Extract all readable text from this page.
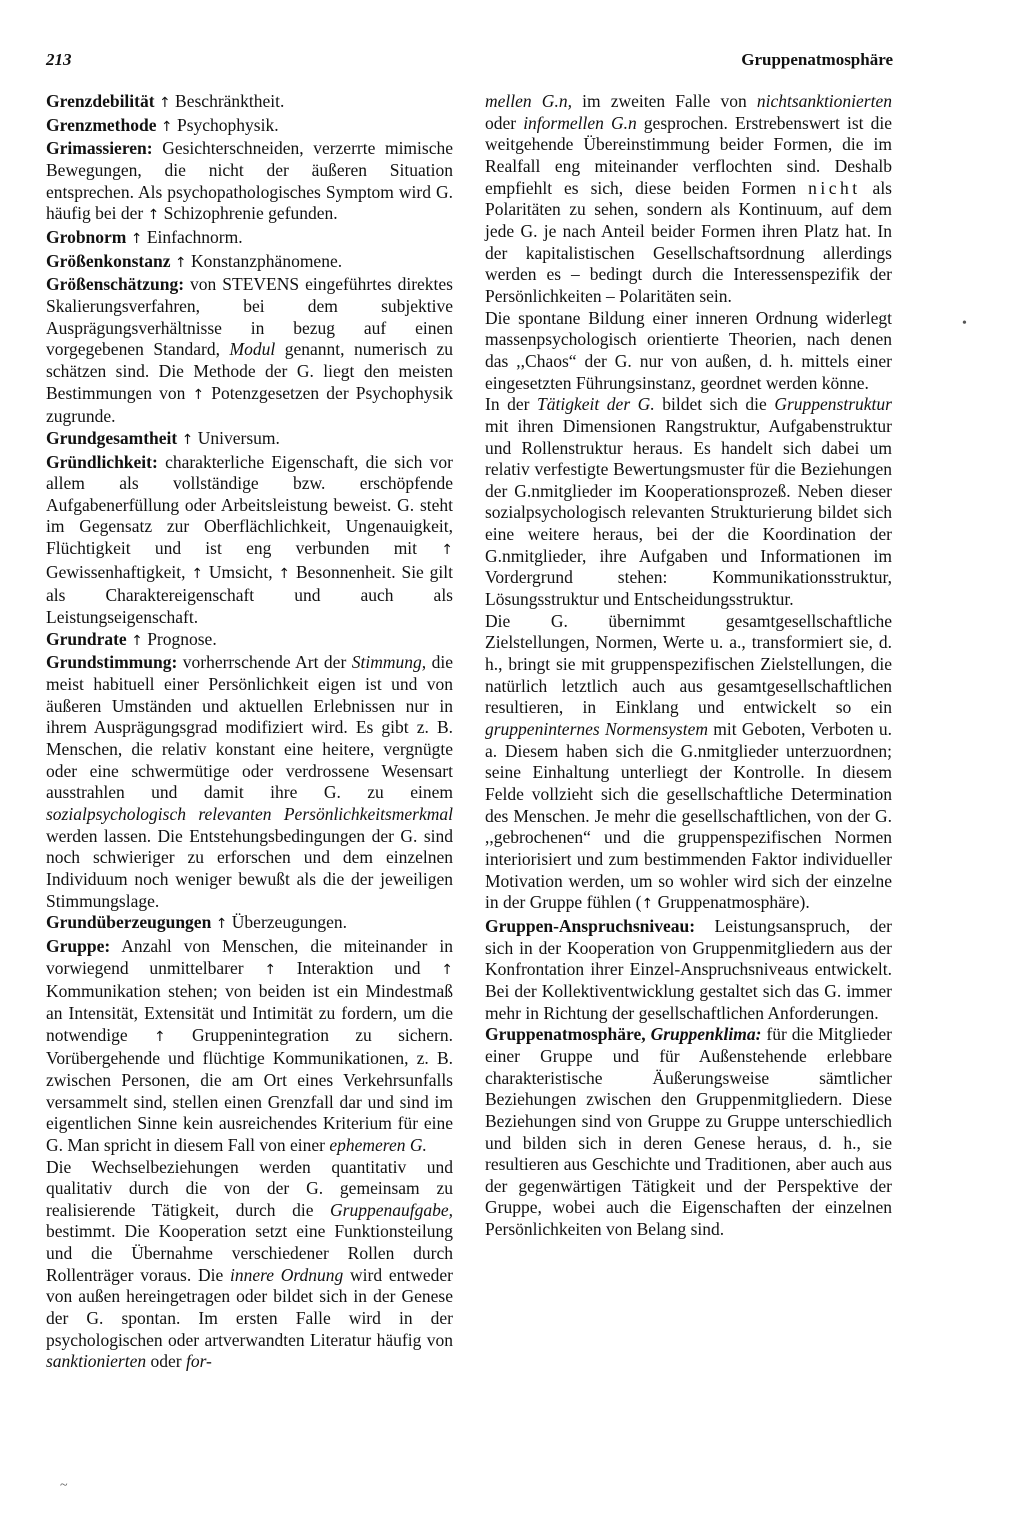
213	Gruppenatmosphäre

Grenzdebilität ↑ Beschränktheit.

Grenzmethode ↑ Psychophysik.

Grimassieren: Gesichterschneiden, verzerrte mimische Bewegungen, die nicht der äußeren Situation entsprechen. Als psychopathologisches Symptom wird G. häufig bei der ↑ Schizophrenie gefunden.

Grobnorm ↑ Einfachnorm.

Größenkonstanz ↑ Konstanzphänomene.

Größenschätzung: von STEVENS eingeführtes direktes Skalierungsverfahren, bei dem subjektive Ausprägungsverhältnisse in bezug auf einen vorgegebenen Standard, Modul genannt, numerisch zu schätzen sind. Die Methode der G. liegt den meisten Bestimmungen von ↑ Potenzgesetzen der Psychophysik zugrunde.

Grundgesamtheit ↑ Universum.

Gründlichkeit: charakterliche Eigenschaft, die sich vor allem als vollständige bzw. erschöpfende Aufgabenerfüllung oder Arbeitsleistung beweist. G. steht im Gegensatz zur Oberflächlichkeit, Ungenauigkeit, Flüchtigkeit und ist eng verbunden mit ↑ Gewissenhaftigkeit, ↑ Umsicht, ↑ Besonnenheit. Sie gilt als Charaktereigenschaft und auch als Leistungseigenschaft.

Grundrate ↑ Prognose.

Grundstimmung: vorherrschende Art der Stimmung, die meist habituell einer Persönlichkeit eigen ist und von äußeren Umständen und aktuellen Erlebnissen nur in ihrem Ausprägungsgrad modifiziert wird. Es gibt z. B. Menschen, die relativ konstant eine heitere, vergnügte oder eine schwermütige oder verdrossene Wesensart ausstrahlen und damit ihre G. zu einem sozialpsychologisch relevanten Persönlichkeitsmerkmal werden lassen. Die Entstehungsbedingungen der G. sind noch schwieriger zu erforschen und dem einzelnen Individuum noch weniger bewußt als die der jeweiligen Stimmungslage.

Grundüberzeugungen ↑ Überzeugungen.

Gruppe: Anzahl von Menschen, die miteinander in vorwiegend unmittelbarer ↑ Interaktion und ↑ Kommunikation stehen; von beiden ist ein Mindestmaß an Intensität, Extensität und Intimität zu fordern, um die notwendige ↑ Gruppenintegration zu sichern. Vorübergehende und flüchtige Kommunikationen, z. B. zwischen Personen, die am Ort eines Verkehrsunfalls versammelt sind, stellen einen Grenzfall dar und sind im eigentlichen Sinne kein ausreichendes Kriterium für eine G. Man spricht in diesem Fall von einer ephemeren G.

Die Wechselbeziehungen werden quantitativ und qualitativ durch die von der G. gemeinsam zu realisierende Tätigkeit, durch die Gruppenaufgabe, bestimmt. Die Kooperation setzt eine Funktionsteilung und die Übernahme verschiedener Rollen durch Rollenträger voraus. Die innere Ordnung wird entweder von außen hereingetragen oder bildet sich in der Genese der G. spontan. Im ersten Falle wird in der psychologischen oder artverwandten Literatur häufig von sanktionierten oder for-

mellen G.n, im zweiten Falle von nichtsanktionierten oder informellen G.n gesprochen. Erstrebenswert ist die weitgehende Übereinstimmung beider Formen, die im Realfall eng miteinander verflochten sind. Deshalb empfiehlt es sich, diese beiden Formen nicht als Polaritäten zu sehen, sondern als Kontinuum, auf dem jede G. je nach Anteil beider Formen ihren Platz hat. In der kapitalistischen Gesellschaftsordnung allerdings werden es – bedingt durch die Interessenspezifik der Persönlichkeiten – Polaritäten sein.

Die spontane Bildung einer inneren Ordnung widerlegt massenpsychologisch orientierte Theorien, nach denen das ,,Chaos“ der G. nur von außen, d. h. mittels einer eingesetzten Führungsinstanz, geordnet werden könne.

In der Tätigkeit der G. bildet sich die Gruppenstruktur mit ihren Dimensionen Rangstruktur, Aufgabenstruktur und Rollenstruktur heraus. Es handelt sich dabei um relativ verfestigte Bewertungsmuster für die Beziehungen der G.nmitglieder im Kooperationsprozeß. Neben dieser sozialpsychologisch relevanten Strukturierung bildet sich eine weitere heraus, bei der die Koordination der G.nmitglieder, ihre Aufgaben und Informationen im Vordergrund stehen: Kommunikationsstruktur, Lösungsstruktur und Entscheidungsstruktur.

Die G. übernimmt gesamtgesellschaftliche Zielstellungen, Normen, Werte u. a., transformiert sie, d. h., bringt sie mit gruppenspezifischen Zielstellungen, die natürlich letztlich auch aus gesamtgesellschaftlichen resultieren, in Einklang und entwickelt so ein gruppeninternes Normensystem mit Geboten, Verboten u. a. Diesem haben sich die G.nmitglieder unterzuordnen; seine Einhaltung unterliegt der Kontrolle. In diesem Felde vollzieht sich die gesellschaftliche Determination des Menschen. Je mehr die gesellschaftlichen, von der G. ,,gebrochenen“ und die gruppenspezifischen Normen interiorisiert und zum bestimmenden Faktor individueller Motivation werden, um so wohler wird sich der einzelne in der Gruppe fühlen (↑ Gruppenatmosphäre).

Gruppen-Anspruchsniveau: Leistungsanspruch, der sich in der Kooperation von Gruppenmitgliedern aus der Konfrontation ihrer Einzel-Anspruchsniveaus entwickelt. Bei der Kollektiventwicklung gestaltet sich das G. immer mehr in Richtung der gesellschaftlichen Anforderungen.

Gruppenatmosphäre, Gruppenklima: für die Mitglieder einer Gruppe und für Außenstehende erlebbare charakteristische Äußerungsweise sämtlicher Beziehungen zwischen den Gruppenmitgliedern. Diese Beziehungen sind von Gruppe zu Gruppe unterschiedlich und bilden sich in deren Genese heraus, d. h., sie resultieren aus Geschichte und Traditionen, aber auch aus der gegenwärtigen Tätigkeit und der Perspektive der Gruppe, wobei auch die Eigenschaften der einzelnen Persönlichkeiten von Belang sind.

•
~
